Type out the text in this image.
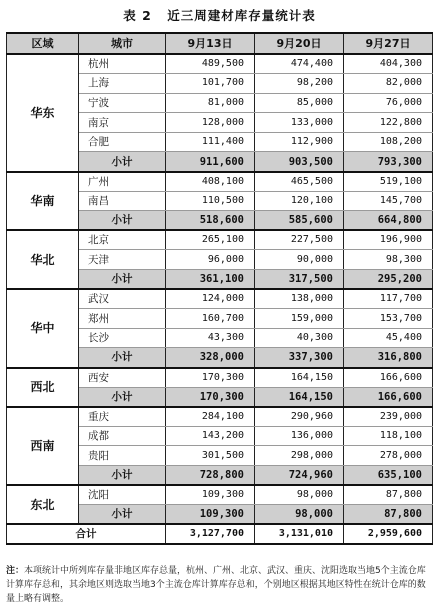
表 2 近三周建材库存量统计表
区域	城市	9月13日	9月20日	9月27日
华东	杭州	489,500	474,400	404,300
	上海	101,700	98,200	82,000
	宁波	81,000	85,000	76,000
	南京	128,000	133,000	122,800
	合肥	111,400	112,900	108,200
	小计	911,600	903,500	793,300
华南	广州	408,100	465,500	519,100
	南昌	110,500	120,100	145,700
	小计	518,600	585,600	664,800
华北	北京	265,100	227,500	196,900
	天津	96,000	90,000	98,300
	小计	361,100	317,500	295,200
华中	武汉	124,000	138,000	117,700
	郑州	160,700	159,000	153,700
	长沙	43,300	40,300	45,400
	小计	328,000	337,300	316,800
西北	西安	170,300	164,150	166,600
	小计	170,300	164,150	166,600
西南	重庆	284,100	290,960	239,000
	成都	143,200	136,000	118,100
	贵阳	301,500	298,000	278,000
	小计	728,800	724,960	635,100
东北	沈阳	109,300	98,000	87,800
	小计	109,300	98,000	87,800
合计		3,127,700	3,131,010	2,959,600
注：本项统计中所列库存量非地区库存总量，杭州、广州、北京、武汉、重庆、沈阳选取当地5个主流仓库计算库存总和，其余地区则选取当地3个主流仓库计算库存总和，个别地区根据其地区特性在统计仓库的数量上略有调整。
